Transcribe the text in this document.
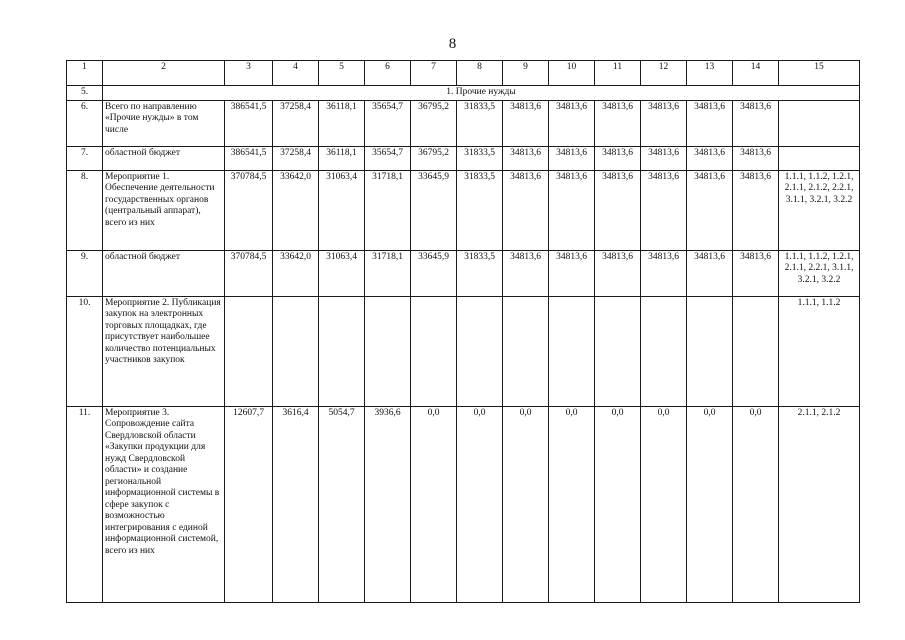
8
1	2	3	4	5	6	7	8	9	10	11	12	13	14	15
5.	1. Прочие нужды													
6.	Всего по направлению «Прочие нужды» в том числе	386541,5	37258,4	36118,1	35654,7	36795,2	31833,5	34813,6	34813,6	34813,6	34813,6	34813,6	34813,6	
7.	областной бюджет	386541,5	37258,4	36118,1	35654,7	36795,2	31833,5	34813,6	34813,6	34813,6	34813,6	34813,6	34813,6	
8.	Мероприятие 1. Обеспечение деятельности государственных органов (центральный аппарат), всего из них	370784,5	33642,0	31063,4	31718,1	33645,9	31833,5	34813,6	34813,6	34813,6	34813,6	34813,6	34813,6	1.1.1, 1.1.2, 1.2.1, 2.1.1, 2.1.2, 2.2.1, 3.1.1, 3.2.1, 3.2.2
9.	областной бюджет	370784,5	33642,0	31063,4	31718,1	33645,9	31833,5	34813,6	34813,6	34813,6	34813,6	34813,6	34813,6	1.1.1, 1.1.2, 1.2.1, 2.1.1, 2.2.1, 3.1.1, 3.2.1, 3.2.2
10.	Мероприятие 2. Публикация закупок на электронных торговых площадках, где присутствует наибольшее количество потенциальных участников закупок													1.1.1, 1.1.2
11.	Мероприятие 3. Сопровождение сайта Свердловской области «Закупки продукции для нужд Свердловской области» и создание региональной информационной системы в сфере закупок с возможностью интегрирования с единой информационной системой, всего из них	12607,7	3616,4	5054,7	3936,6	0,0	0,0	0,0	0,0	0,0	0,0	0,0	0,0	2.1.1, 2.1.2
